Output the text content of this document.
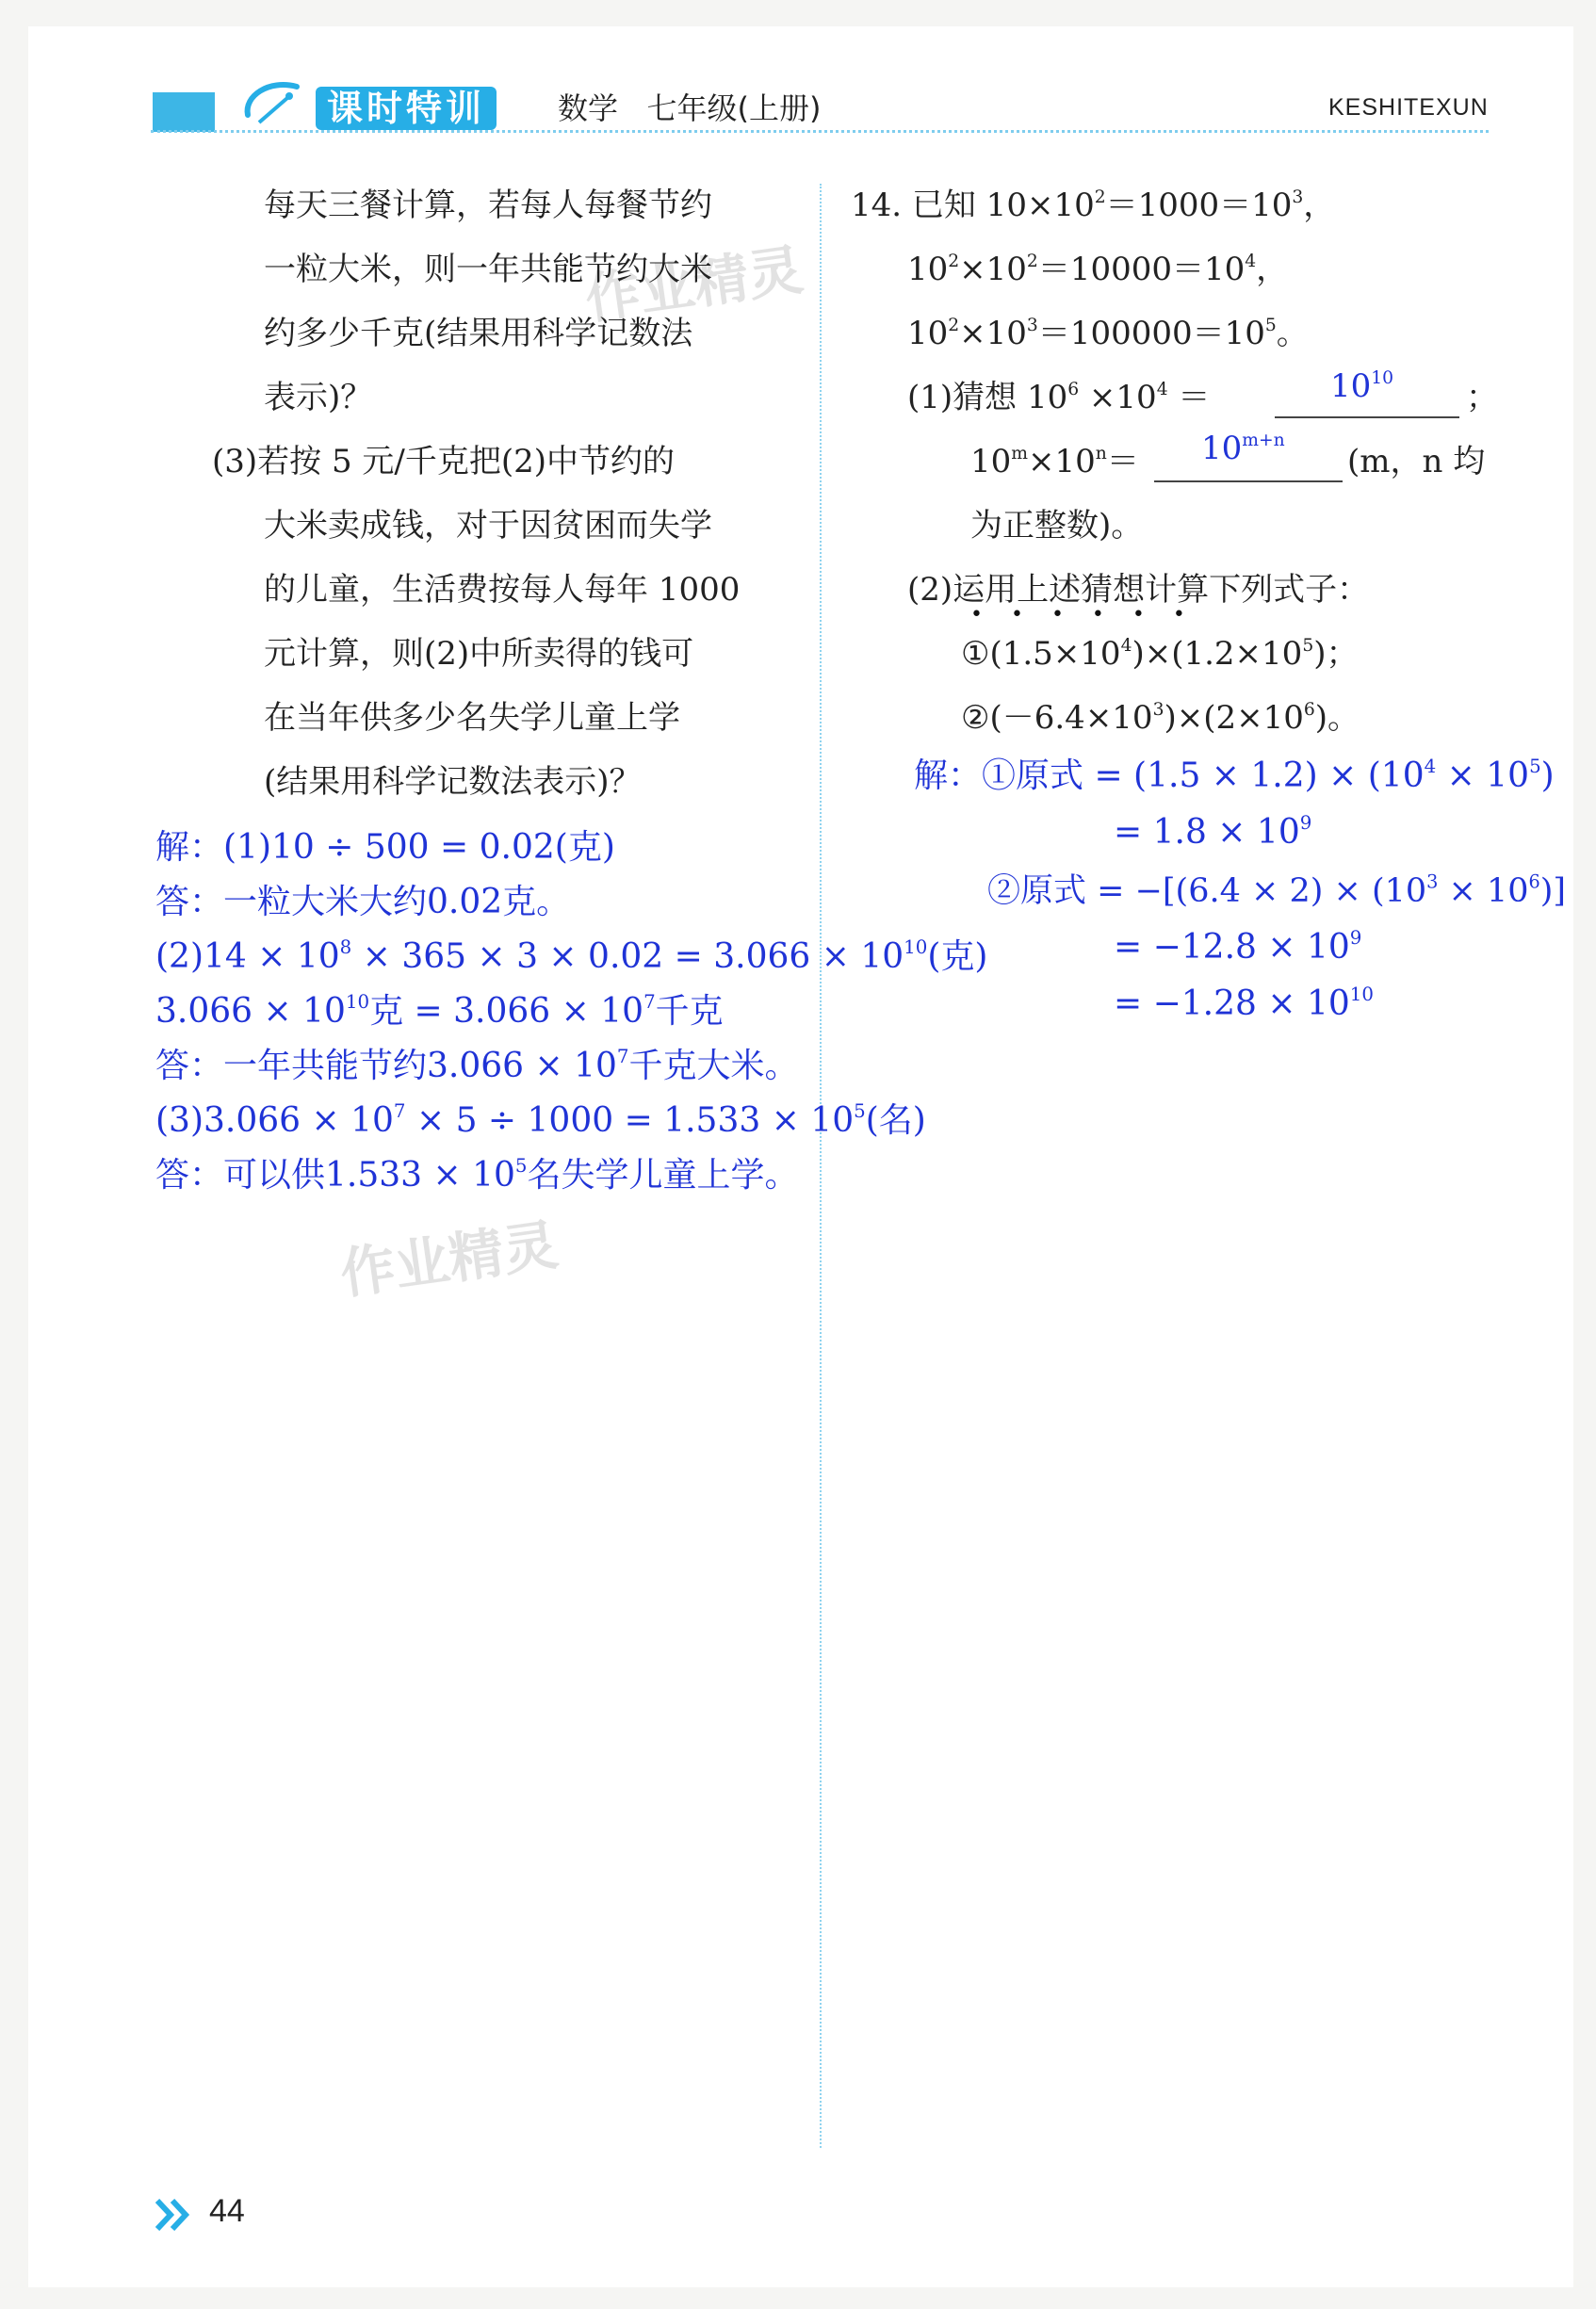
课时特训	数学   七年级(上册)	KESHITEXUN
作业精灵
作业精灵
每天三餐计算，若每人每餐节约
一粒大米，则一年共能节约大米
约多少千克(结果用科学记数法
表示)？
(3)若按 5 元/千克把(2)中节约的
大米卖成钱，对于因贫困而失学
的儿童，生活费按每人每年 1000
元计算，则(2)中所卖得的钱可
在当年供多少名失学儿童上学
(结果用科学记数法表示)？
解：(1)10 ÷ 500 = 0.02(克)
答：一粒大米大约0.02克。
$(2)14 \times 10^8 \times 365 \times 3 \times 0.02 = 3.066 \times 10^{10}$(克)
$3.066 \times 10^{10}$克 = $3.066 \times 10^7$千克
答：一年共能节约$3.066 \times 10^7$千克大米。
$(3)3.066 \times 10^7 \times 5 \div 1000 = 1.533 \times 10^5$(名)
答：可以供$1.533 \times 10^5$名失学儿童上学。
14. 已知 $10\times 10^2=1000=10^3$，
$10^2\times 10^2=10000=10^4$，
$10^2\times 10^3=100000=10^5$。
(1)猜想 $10^6 \times 10^4$ ＝	$10^{10}$
；
$10^m\times 10^n= 10^{m+n}$
(m，n 均
为正整数)。
(2)运用上述猜想计算下列式子：
••••••
$①(1.5\times 10^4)\times(1.2\times 10^5)$；
$②(-6.4\times 10^3)\times(2\times 10^6)$。
解：①原式 = $(1.5 \times 1.2) \times (10^4 \times 10^5)$
= $1.8 \times 10^9$
②原式 = $-[(6.4 \times 2) \times (10^3 \times 10^6)]$
= $-12.8 \times 10^9$
= $-1.28 \times 10^{10}$
44
